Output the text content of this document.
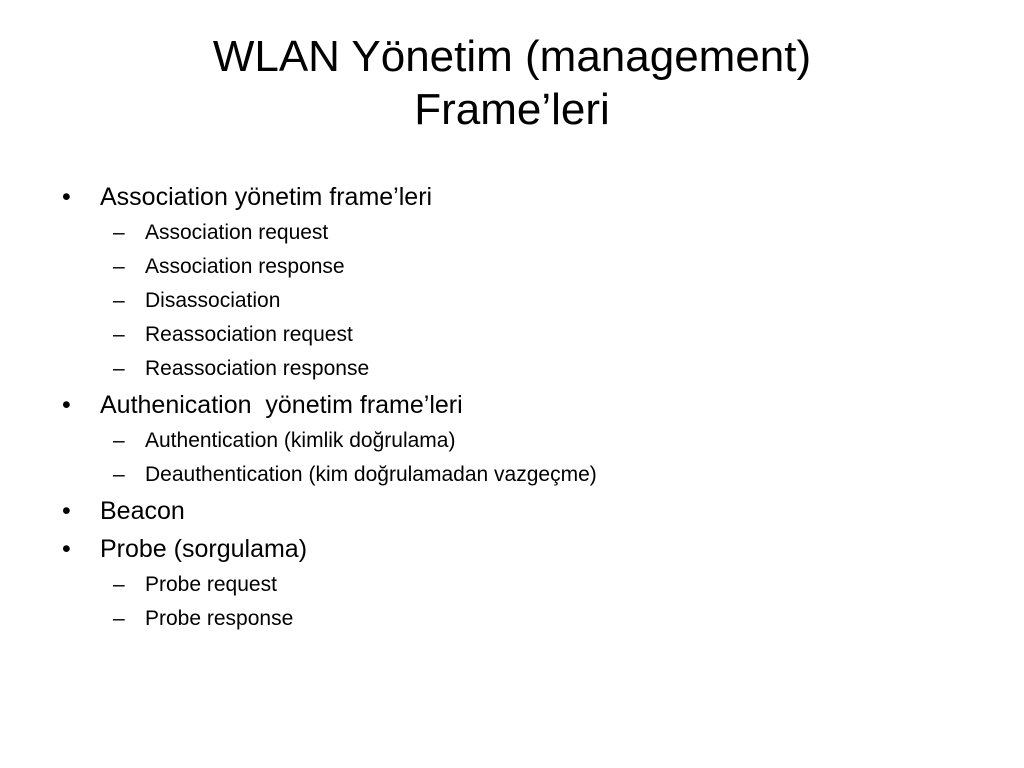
WLAN Yönetim (management)
Frame’leri
•	Association yönetim frame’leri
– Association request
– Association response
– Disassociation
– Reassociation request
– Reassociation response
•	Authenication  yönetim frame’leri
– Authentication (kimlik doğrulama)
– Deauthentication (kim doğrulamadan vazgeçme)
•	Beacon
•	Probe (sorgulama)
– Probe request
– Probe response
